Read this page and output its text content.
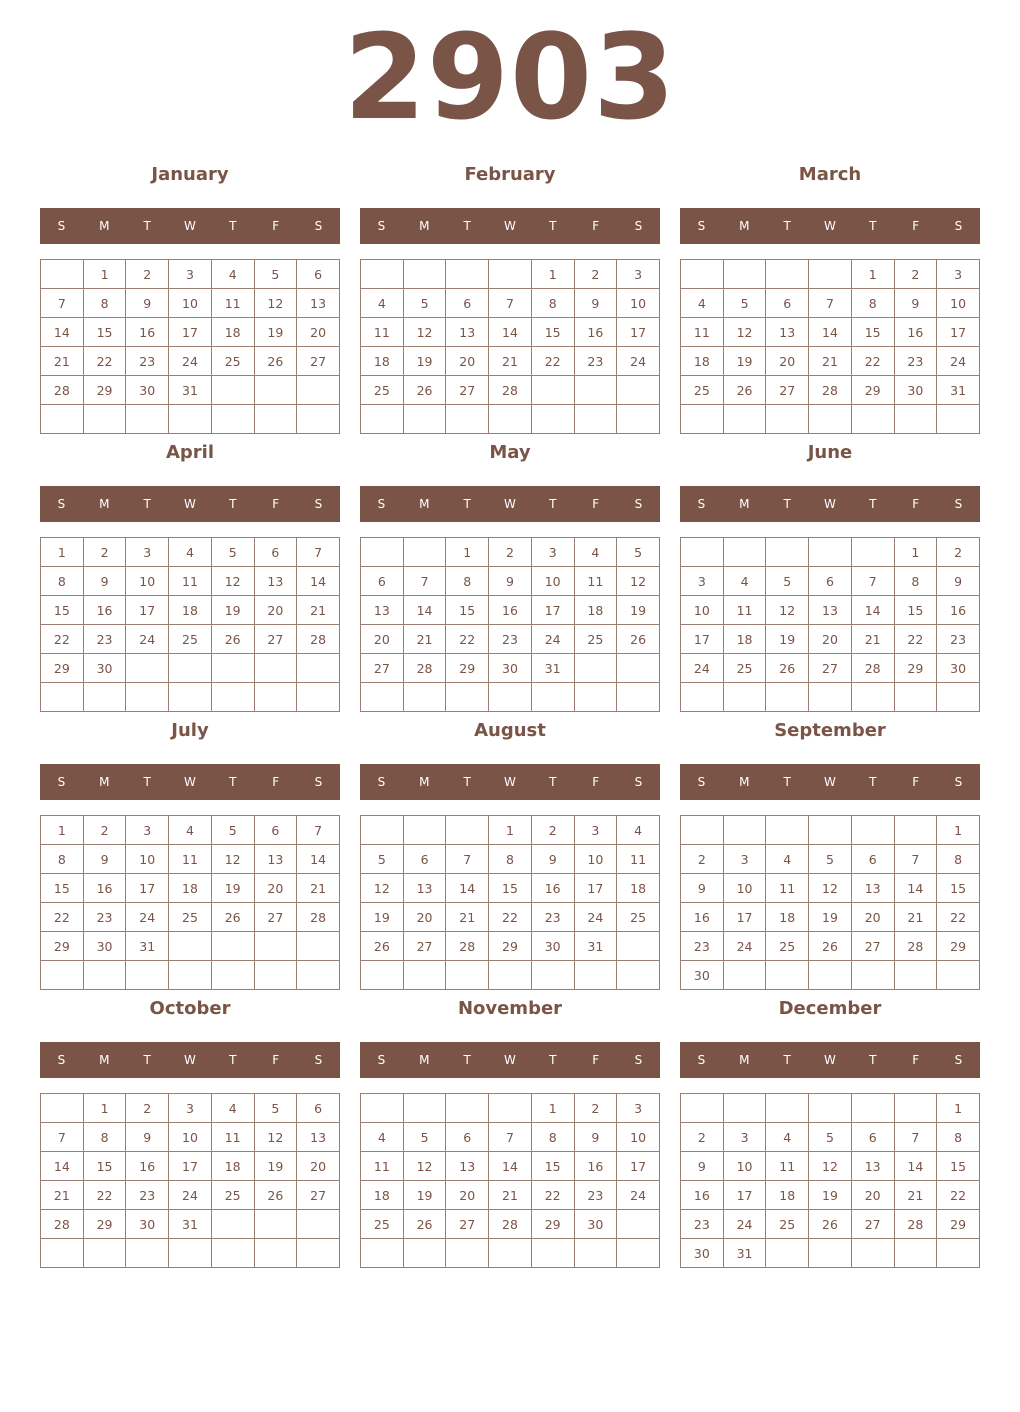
2903
January
S	M	T	W	T	F	S
	1	2	3	4	5	6
7	8	9	10	11	12	13
14	15	16	17	18	19	20
21	22	23	24	25	26	27
28	29	30	31			

February
S	M	T	W	T	F	S
				1	2	3
4	5	6	7	8	9	10
11	12	13	14	15	16	17
18	19	20	21	22	23	24
25	26	27	28			

March
S	M	T	W	T	F	S
				1	2	3
4	5	6	7	8	9	10
11	12	13	14	15	16	17
18	19	20	21	22	23	24
25	26	27	28	29	30	31

April
S	M	T	W	T	F	S
1	2	3	4	5	6	7
8	9	10	11	12	13	14
15	16	17	18	19	20	21
22	23	24	25	26	27	28
29	30					

May
S	M	T	W	T	F	S
		1	2	3	4	5
6	7	8	9	10	11	12
13	14	15	16	17	18	19
20	21	22	23	24	25	26
27	28	29	30	31		

June
S	M	T	W	T	F	S
					1	2
3	4	5	6	7	8	9
10	11	12	13	14	15	16
17	18	19	20	21	22	23
24	25	26	27	28	29	30

July
S	M	T	W	T	F	S
1	2	3	4	5	6	7
8	9	10	11	12	13	14
15	16	17	18	19	20	21
22	23	24	25	26	27	28
29	30	31				

August
S	M	T	W	T	F	S
			1	2	3	4
5	6	7	8	9	10	11
12	13	14	15	16	17	18
19	20	21	22	23	24	25
26	27	28	29	30	31	

September
S	M	T	W	T	F	S
						1
2	3	4	5	6	7	8
9	10	11	12	13	14	15
16	17	18	19	20	21	22
23	24	25	26	27	28	29
30						
October
S	M	T	W	T	F	S
	1	2	3	4	5	6
7	8	9	10	11	12	13
14	15	16	17	18	19	20
21	22	23	24	25	26	27
28	29	30	31			

November
S	M	T	W	T	F	S
				1	2	3
4	5	6	7	8	9	10
11	12	13	14	15	16	17
18	19	20	21	22	23	24
25	26	27	28	29	30	

December
S	M	T	W	T	F	S
						1
2	3	4	5	6	7	8
9	10	11	12	13	14	15
16	17	18	19	20	21	22
23	24	25	26	27	28	29
30	31					
